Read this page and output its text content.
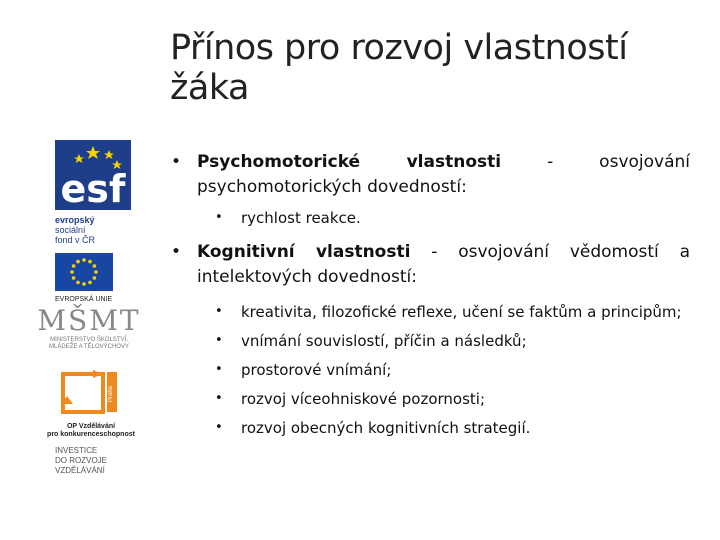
Přínos pro rozvoj vlastností žáka
esf
evropský
sociální
fond v ČR
EVROPSKÁ UNIE
MŠMT
MINISTERSTVO ŠKOLSTVÍ,
MLÁDEŽE A TĚLOVÝCHOVY
Praha
OP Vzdělávání
pro konkurenceschopnost
INVESTICE
DO ROZVOJE
VZDĚLÁVÁNÍ
• Psychomotorické vlastnosti - osvojování psychomotorických dovedností:
• rychlost reakce.
• Kognitivní vlastnosti - osvojování vědomostí a intelektových dovedností:
• kreativita, filozofické reflexe, učení se faktům a principům;
• vnímání souvislostí, příčin a následků;
• prostorové vnímání;
• rozvoj víceohniskové pozornosti;
• rozvoj obecných kognitivních strategií.
